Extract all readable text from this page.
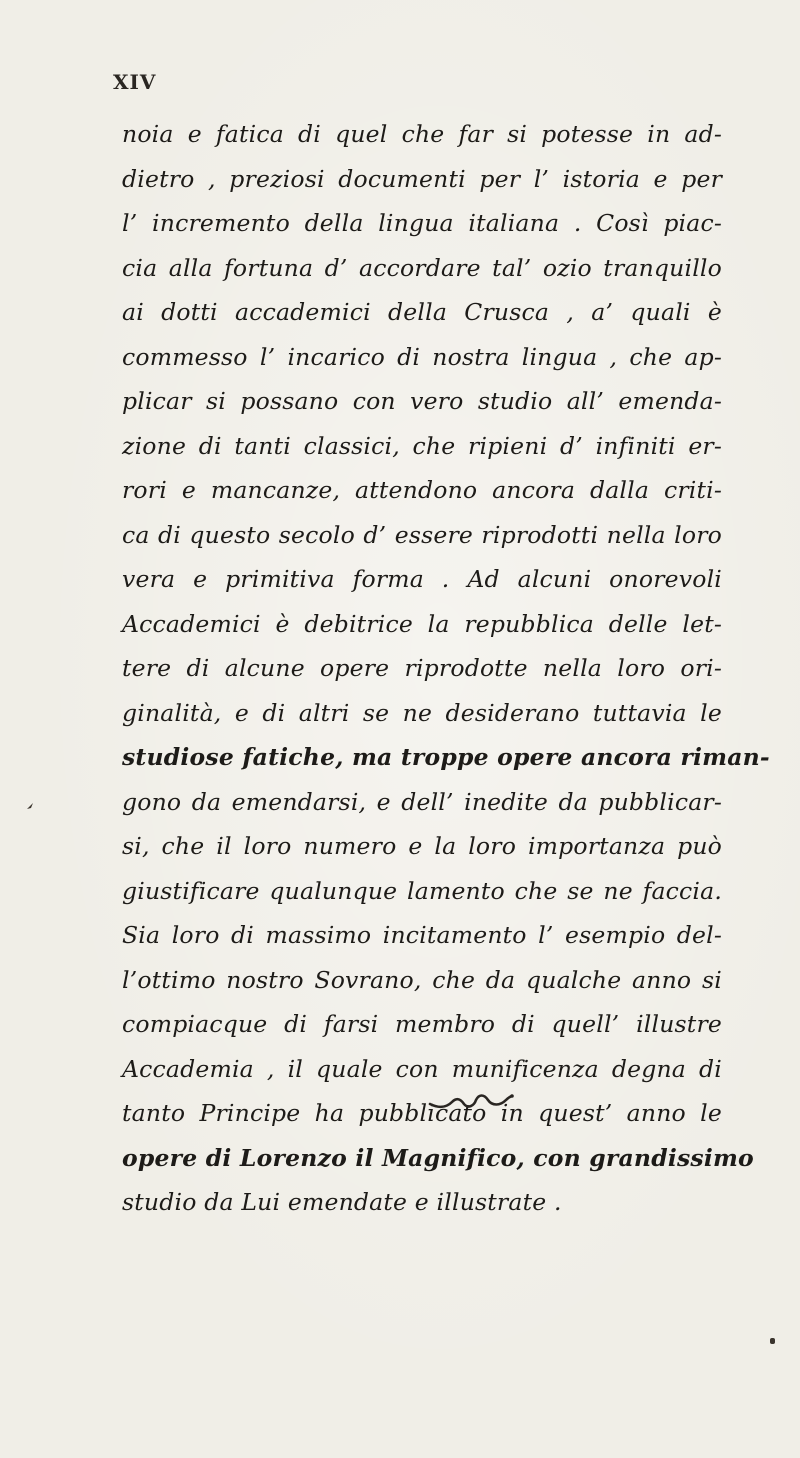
XIV
noia e fatica di quel che far si potesse in ad-
dietro , preziosi documenti per l’ istoria e per
l’ incremento della lingua italiana . Così piac-
cia alla fortuna d’ accordare tal’ ozio tranquillo
ai dotti accademici della Crusca , a’ quali è
commesso l’ incarico di nostra lingua , che ap-
plicar si possano con vero studio all’ emenda-
zione di tanti classici, che ripieni d’ infiniti er-
rori e mancanze, attendono ancora dalla criti-
ca di questo secolo d’ essere riprodotti nella loro
vera e primitiva forma . Ad alcuni onorevoli
Accademici è debitrice la repubblica delle let-
tere di alcune opere riprodotte nella loro ori-
ginalità, e di altri se ne desiderano tuttavia le
studiose fatiche, ma troppe opere ancora riman-
gono da emendarsi, e dell’ inedite da pubblicar-
si, che il loro numero e la loro importanza può
giustificare qualunque lamento che se ne faccia.
Sia loro di massimo incitamento l’ esempio del-
l’ottimo nostro Sovrano, che da qualche anno si
compiacque di farsi membro di quell’ illustre
Accademia , il quale con munificenza degna di
tanto Principe ha pubblicato in quest’ anno le
opere di Lorenzo il Magnifico, con grandissimo
studio da Lui emendate e illustrate .
